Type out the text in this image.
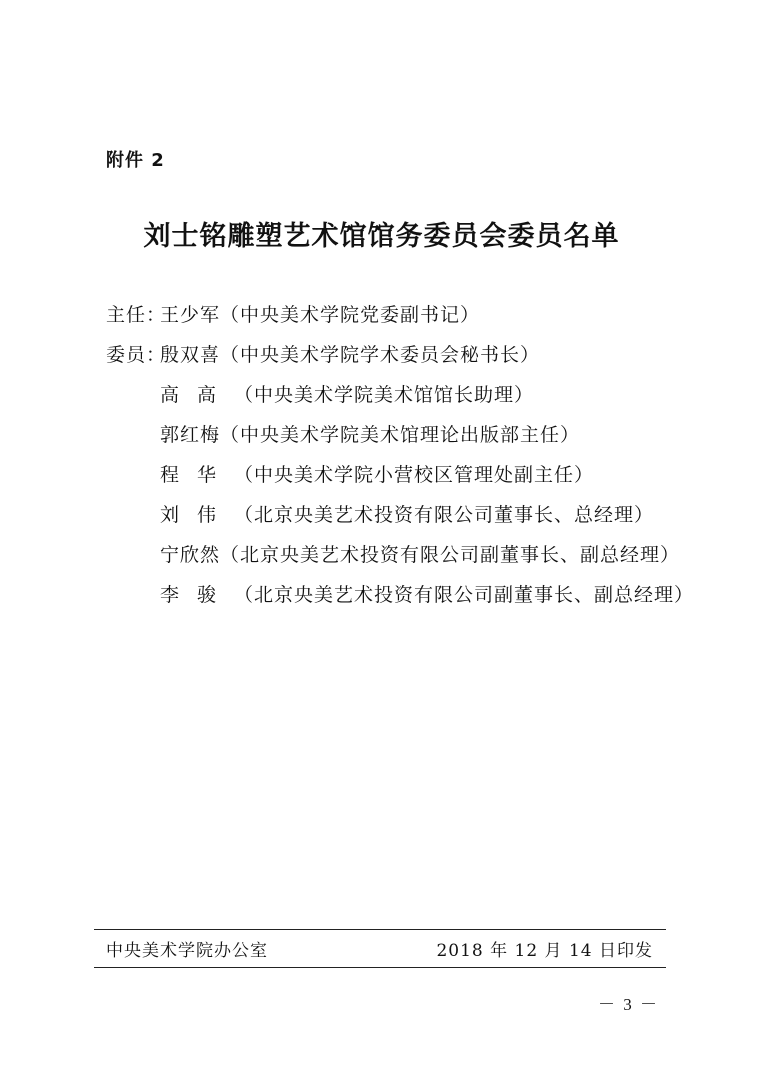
附件 2
刘士铭雕塑艺术馆馆务委员会委员名单
主任：
王少军 （中央美术学院党委副书记）
委员：
殷双喜 （中央美术学院学术委员会秘书长）
高高 （中央美术学院美术馆馆长助理）
郭红梅 （中央美术学院美术馆理论出版部主任）
程华 （中央美术学院小营校区管理处副主任）
刘伟 （北京央美艺术投资有限公司董事长、总经理）
宁欣然 （北京央美艺术投资有限公司副董事长、副总经理）
李骏 （北京央美艺术投资有限公司副董事长、副总经理）
中央美术学院办公室	2018 年 12 月 14 日印发
－ 3 －
